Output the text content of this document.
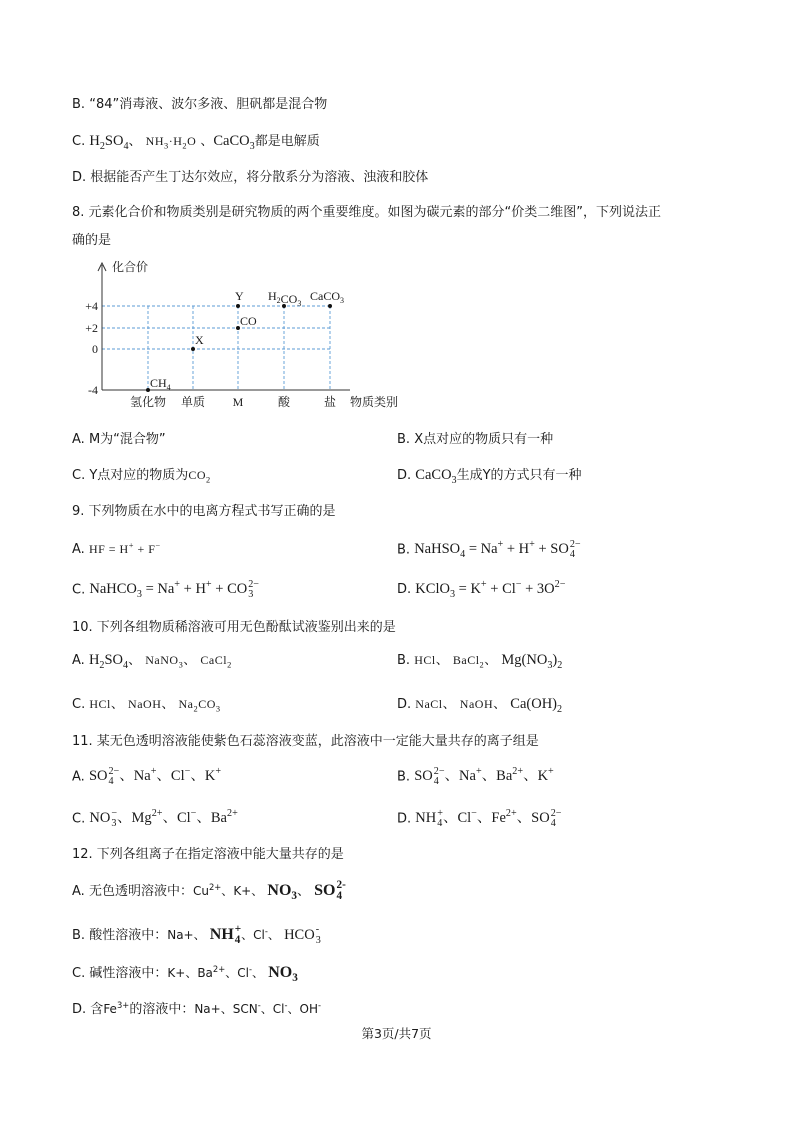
B. “84”消毒液、波尔多液、胆矾都是混合物
C. $H_2SO_4$、 $NH_3\cdot H_2O$ 、CaCO$_3$都是电解质
D. 根据能否产生丁达尔效应，将分散系分为溶液、浊液和胶体
8. 元素化合价和物质类别是研究物质的两个重要维度。如图为碳元素的部分“价类二维图”，下列说法正
确的是
化合价
物质类别
+4
+2
0
-4
氢化物 单质 M	酸	盐
$CH_4$
X
CO
Y $H_2CO_3$
CaCO$_3$
A. M为“混合物”	B. X点对应的物质只有一种
C. Y点对应的物质为$CO_2$	D. CaCO$_3$生成Y的方式只有一种
9. 下列物质在水中的电离方程式书写正确的是
A. HF = H+ + F−	B. NaHSO$_4$ = Na+ + H+ + SO 2−
4
C. NaHCO$_3$ = Na+ + H+ + CO 2−
3	D. KClO$_3$ = $K^+ + Cl^- + 3O^{2-}$
10. 下列各组物质稀溶液可用无色酚酞试液鉴别出来的是
A. $H_2SO_4$、 NaNO$_3$、 CaCl$_2$	B. HCl、 BaCl$_2$、 $Mg(NO_3)_2$
C. HCl、 NaOH、 $Na_2CO_3$	D. NaCl、 NaOH、 $Ca(OH)_2$
11. 某无色透明溶液能使紫色石蕊溶液变蓝，此溶液中一定能大量共存的离子组是
A. SO 2−
4 、Na+、Cl−、K+	B. SO 2−
4 、Na+、$Ba^{2+}$、K+
C. NO −
3 、$Mg^{2+}$、Cl−、$Ba^{2+}$	D. NH +
4 、Cl−、$Fe^{2+}$、SO 2−
4
12. 下列各组离子在指定溶液中能大量共存的是
A. 无色透明溶液中：$Cu^{2+}$、K+、 $NO_3$、 SO 2-
4
B. 酸性溶液中：Na+、 NH +
4 、Cl-、 HCO -
3
C. 碱性溶液中：K+、$Ba^{2+}$、Cl-、 $NO_3$
D. 含$Fe^{3+}$的溶液中：Na+、SCN-、Cl-、OH-
第3页/共7页
